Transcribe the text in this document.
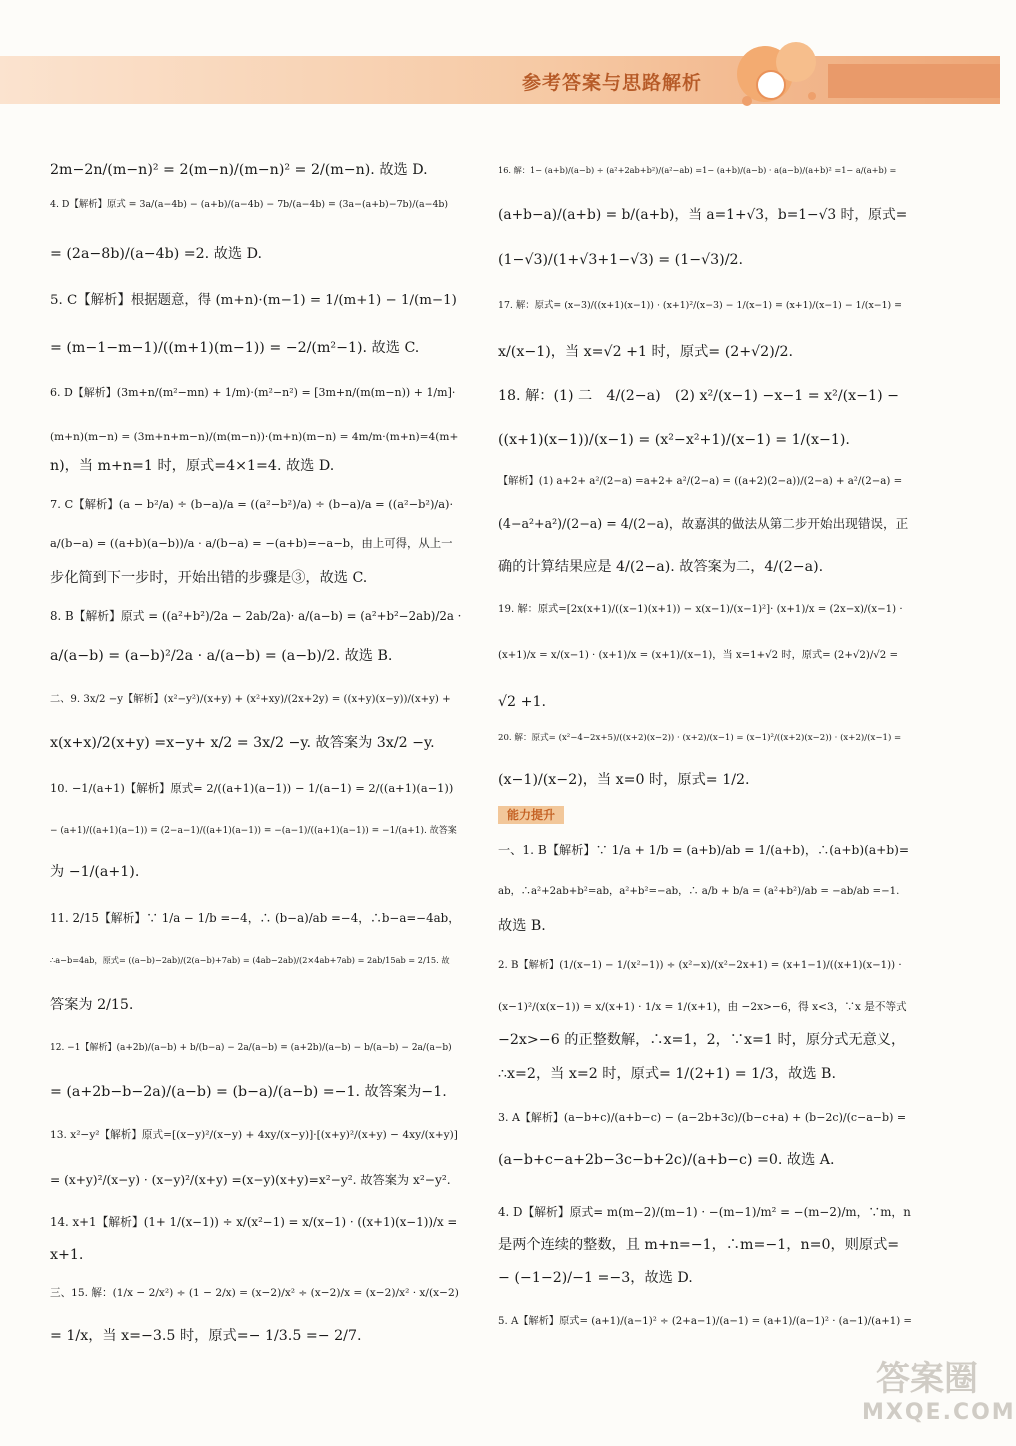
参考答案与思路解析
2m−2n/(m−n)² = 2(m−n)/(m−n)² = 2/(m−n). 故选 D.
4. D【解析】原式 = 3a/(a−4b) − (a+b)/(a−4b) − 7b/(a−4b) = (3a−(a+b)−7b)/(a−4b)
= (2a−8b)/(a−4b) =2. 故选 D.
5. C【解析】根据题意，得 (m+n)·(m−1) = 1/(m+1) − 1/(m−1)
= (m−1−m−1)/((m+1)(m−1)) = −2/(m²−1). 故选 C.
6. D【解析】(3m+n/(m²−mn) + 1/m)·(m²−n²) = [3m+n/(m(m−n)) + 1/m]·
(m+n)(m−n) = (3m+n+m−n)/(m(m−n))·(m+n)(m−n) = 4m/m·(m+n)=4(m+
n)，当 m+n=1 时，原式=4×1=4. 故选 D.
7. C【解析】(a − b²/a) ÷ (b−a)/a = ((a²−b²)/a) ÷ (b−a)/a = ((a²−b²)/a)·
a/(b−a) = ((a+b)(a−b))/a · a/(b−a) = −(a+b)=−a−b，由上可得，从上一
步化简到下一步时，开始出错的步骤是③，故选 C.
8. B【解析】原式 = ((a²+b²)/2a − 2ab/2a)· a/(a−b) = (a²+b²−2ab)/2a ·
a/(a−b) = (a−b)²/2a · a/(a−b) = (a−b)/2. 故选 B.
二、9. 3x/2 −y【解析】(x²−y²)/(x+y) + (x²+xy)/(2x+2y) = ((x+y)(x−y))/(x+y) +
x(x+x)/2(x+y) =x−y+ x/2 = 3x/2 −y. 故答案为 3x/2 −y.
10. −1/(a+1)【解析】原式= 2/((a+1)(a−1)) − 1/(a−1) = 2/((a+1)(a−1))
− (a+1)/((a+1)(a−1)) = (2−a−1)/((a+1)(a−1)) = −(a−1)/((a+1)(a−1)) = −1/(a+1). 故答案
为 −1/(a+1).
11. 2/15【解析】∵ 1/a − 1/b =−4，∴ (b−a)/ab =−4，∴b−a=−4ab，
∴a−b=4ab，原式= ((a−b)−2ab)/(2(a−b)+7ab) = (4ab−2ab)/(2×4ab+7ab) = 2ab/15ab = 2/15. 故
答案为 2/15.
12. −1【解析】(a+2b)/(a−b) + b/(b−a) − 2a/(a−b) = (a+2b)/(a−b) − b/(a−b) − 2a/(a−b)
= (a+2b−b−2a)/(a−b) = (b−a)/(a−b) =−1. 故答案为−1.
13. x²−y²【解析】原式=[(x−y)²/(x−y) + 4xy/(x−y)]·[(x+y)²/(x+y) − 4xy/(x+y)]
= (x+y)²/(x−y) · (x−y)²/(x+y) =(x−y)(x+y)=x²−y². 故答案为 x²−y².
14. x+1【解析】(1+ 1/(x−1)) ÷ x/(x²−1) = x/(x−1) · ((x+1)(x−1))/x =
x+1.
三、15. 解：(1/x − 2/x²) ÷ (1 − 2/x) = (x−2)/x² ÷ (x−2)/x = (x−2)/x² · x/(x−2)
= 1/x，当 x=−3.5 时，原式=− 1/3.5 =− 2/7.
16. 解：1− (a+b)/(a−b) ÷ (a²+2ab+b²)/(a²−ab) =1− (a+b)/(a−b) · a(a−b)/(a+b)² =1− a/(a+b) =
(a+b−a)/(a+b) = b/(a+b)，当 a=1+√3，b=1−√3 时，原式=
(1−√3)/(1+√3+1−√3) = (1−√3)/2.
17. 解：原式= (x−3)/((x+1)(x−1)) · (x+1)²/(x−3) − 1/(x−1) = (x+1)/(x−1) − 1/(x−1) =
x/(x−1)，当 x=√2 +1 时，原式= (2+√2)/2.
18. 解：(1) 二　4/(2−a)　(2) x²/(x−1) −x−1 = x²/(x−1) −
((x+1)(x−1))/(x−1) = (x²−x²+1)/(x−1) = 1/(x−1).
【解析】(1) a+2+ a²/(2−a) =a+2+ a²/(2−a) = ((a+2)(2−a))/(2−a) + a²/(2−a) =
(4−a²+a²)/(2−a) = 4/(2−a)，故嘉淇的做法从第二步开始出现错误，正
确的计算结果应是 4/(2−a). 故答案为二，4/(2−a).
19. 解：原式=[2x(x+1)/((x−1)(x+1)) − x(x−1)/(x−1)²]· (x+1)/x = (2x−x)/(x−1) ·
(x+1)/x = x/(x−1) · (x+1)/x = (x+1)/(x−1)，当 x=1+√2 时，原式= (2+√2)/√2 =
√2 +1.
20. 解：原式= (x²−4−2x+5)/((x+2)(x−2)) · (x+2)/(x−1) = (x−1)²/((x+2)(x−2)) · (x+2)/(x−1) =
(x−1)/(x−2)，当 x=0 时，原式= 1/2.
能力提升
一、1. B【解析】∵ 1/a + 1/b = (a+b)/ab = 1/(a+b)，∴(a+b)(a+b)=
ab，∴a²+2ab+b²=ab，a²+b²=−ab，∴ a/b + b/a = (a²+b²)/ab = −ab/ab =−1.
故选 B.
2. B【解析】(1/(x−1) − 1/(x²−1)) ÷ (x²−x)/(x²−2x+1) = (x+1−1)/((x+1)(x−1)) ·
(x−1)²/(x(x−1)) = x/(x+1) · 1/x = 1/(x+1)，由 −2x>−6，得 x<3，∵x 是不等式
−2x>−6 的正整数解，∴x=1，2，∵x=1 时，原分式无意义，
∴x=2，当 x=2 时，原式= 1/(2+1) = 1/3，故选 B.
3. A【解析】(a−b+c)/(a+b−c) − (a−2b+3c)/(b−c+a) + (b−2c)/(c−a−b) =
(a−b+c−a+2b−3c−b+2c)/(a+b−c) =0. 故选 A.
4. D【解析】原式= m(m−2)/(m−1) · −(m−1)/m² = −(m−2)/m，∵m，n
是两个连续的整数，且 m+n=−1，∴m=−1，n=0，则原式=
− (−1−2)/−1 =−3，故选 D.
5. A【解析】原式= (a+1)/(a−1)² ÷ (2+a−1)/(a−1) = (a+1)/(a−1)² · (a−1)/(a+1) =
答案圈
MXQE.COM
